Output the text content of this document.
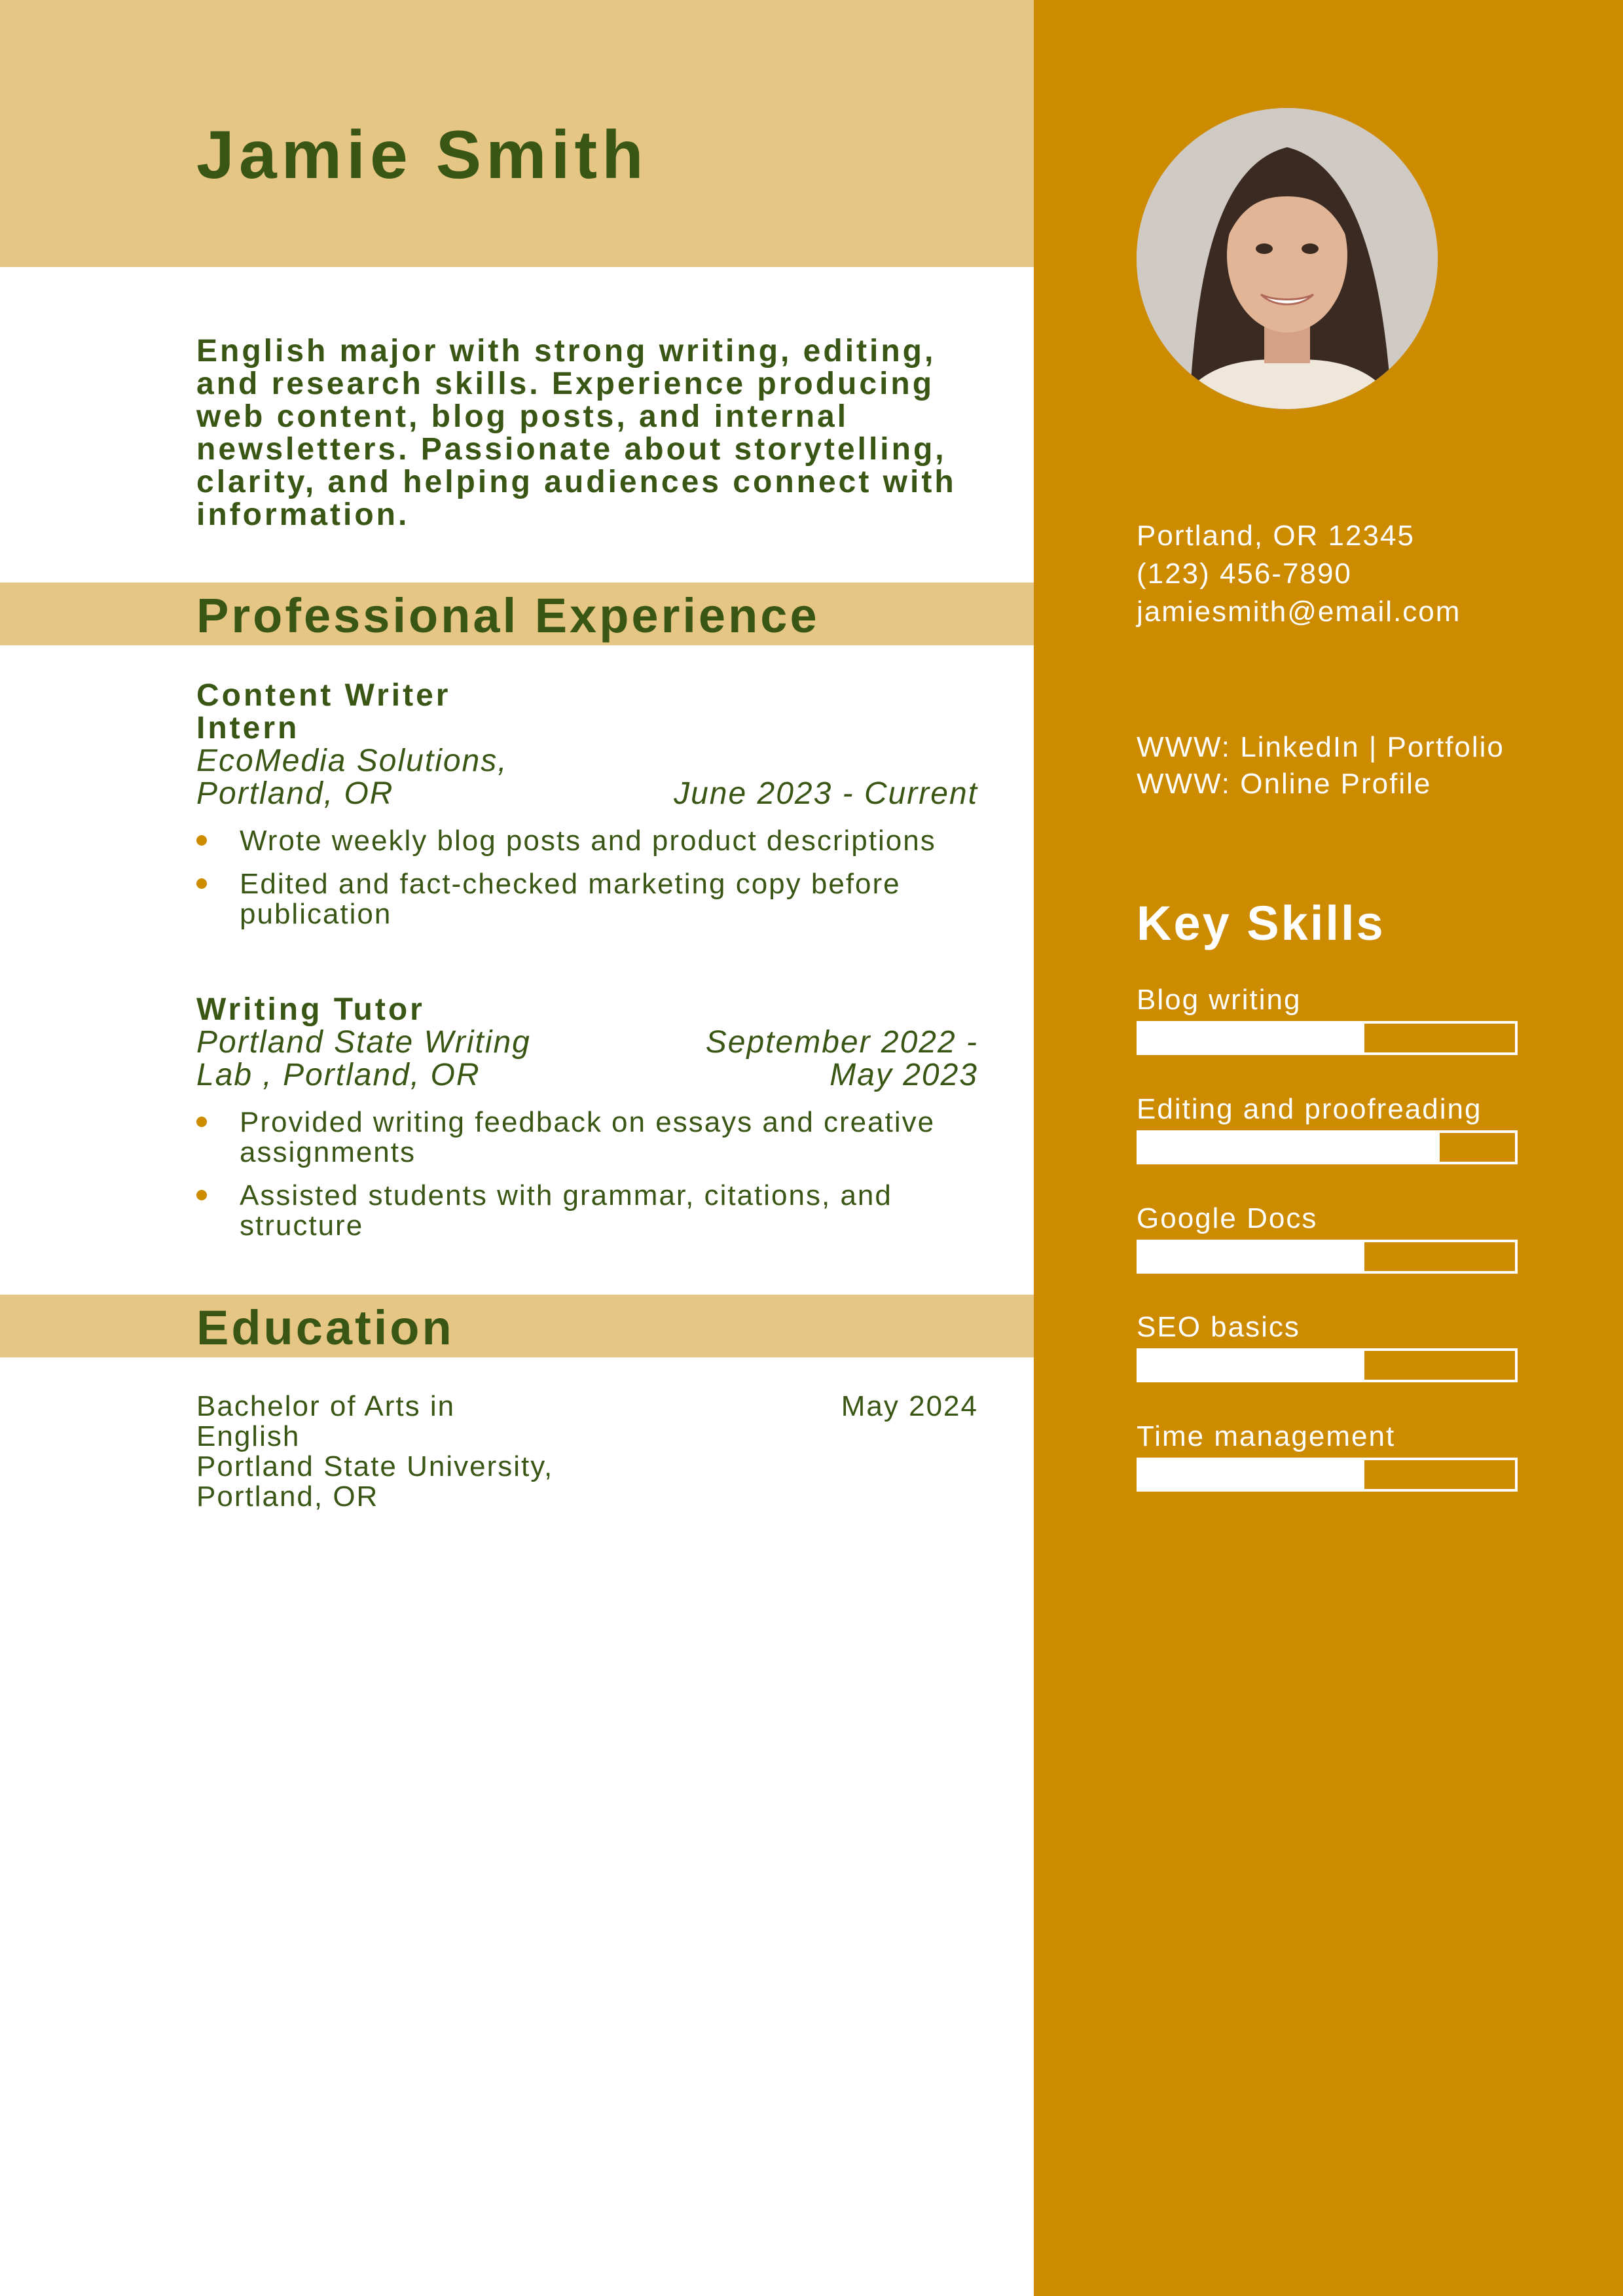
Jamie Smith
English major with strong writing, editing, and research skills. Experience producing web content, blog posts, and internal newsletters. Passionate about storytelling, clarity, and helping audiences connect with information.
Professional Experience
Content Writer Intern
EcoMedia Solutions, Portland, OR	June 2023 - Current
Wrote weekly blog posts and product descriptions
Edited and fact-checked marketing copy before publication
Writing Tutor
Portland State Writing Lab , Portland, OR
September 2022 - May 2023
Provided writing feedback on essays and creative assignments
Assisted students with grammar, citations, and structure
Education
Bachelor of Arts in English
Portland State University, Portland, OR
May 2024
Portland, OR 12345
(123) 456-7890
jamiesmith@email.com
WWW: LinkedIn | Portfolio
WWW: Online Profile
Key Skills
Blog writing
Editing and proofreading
Google Docs
SEO basics
Time management
